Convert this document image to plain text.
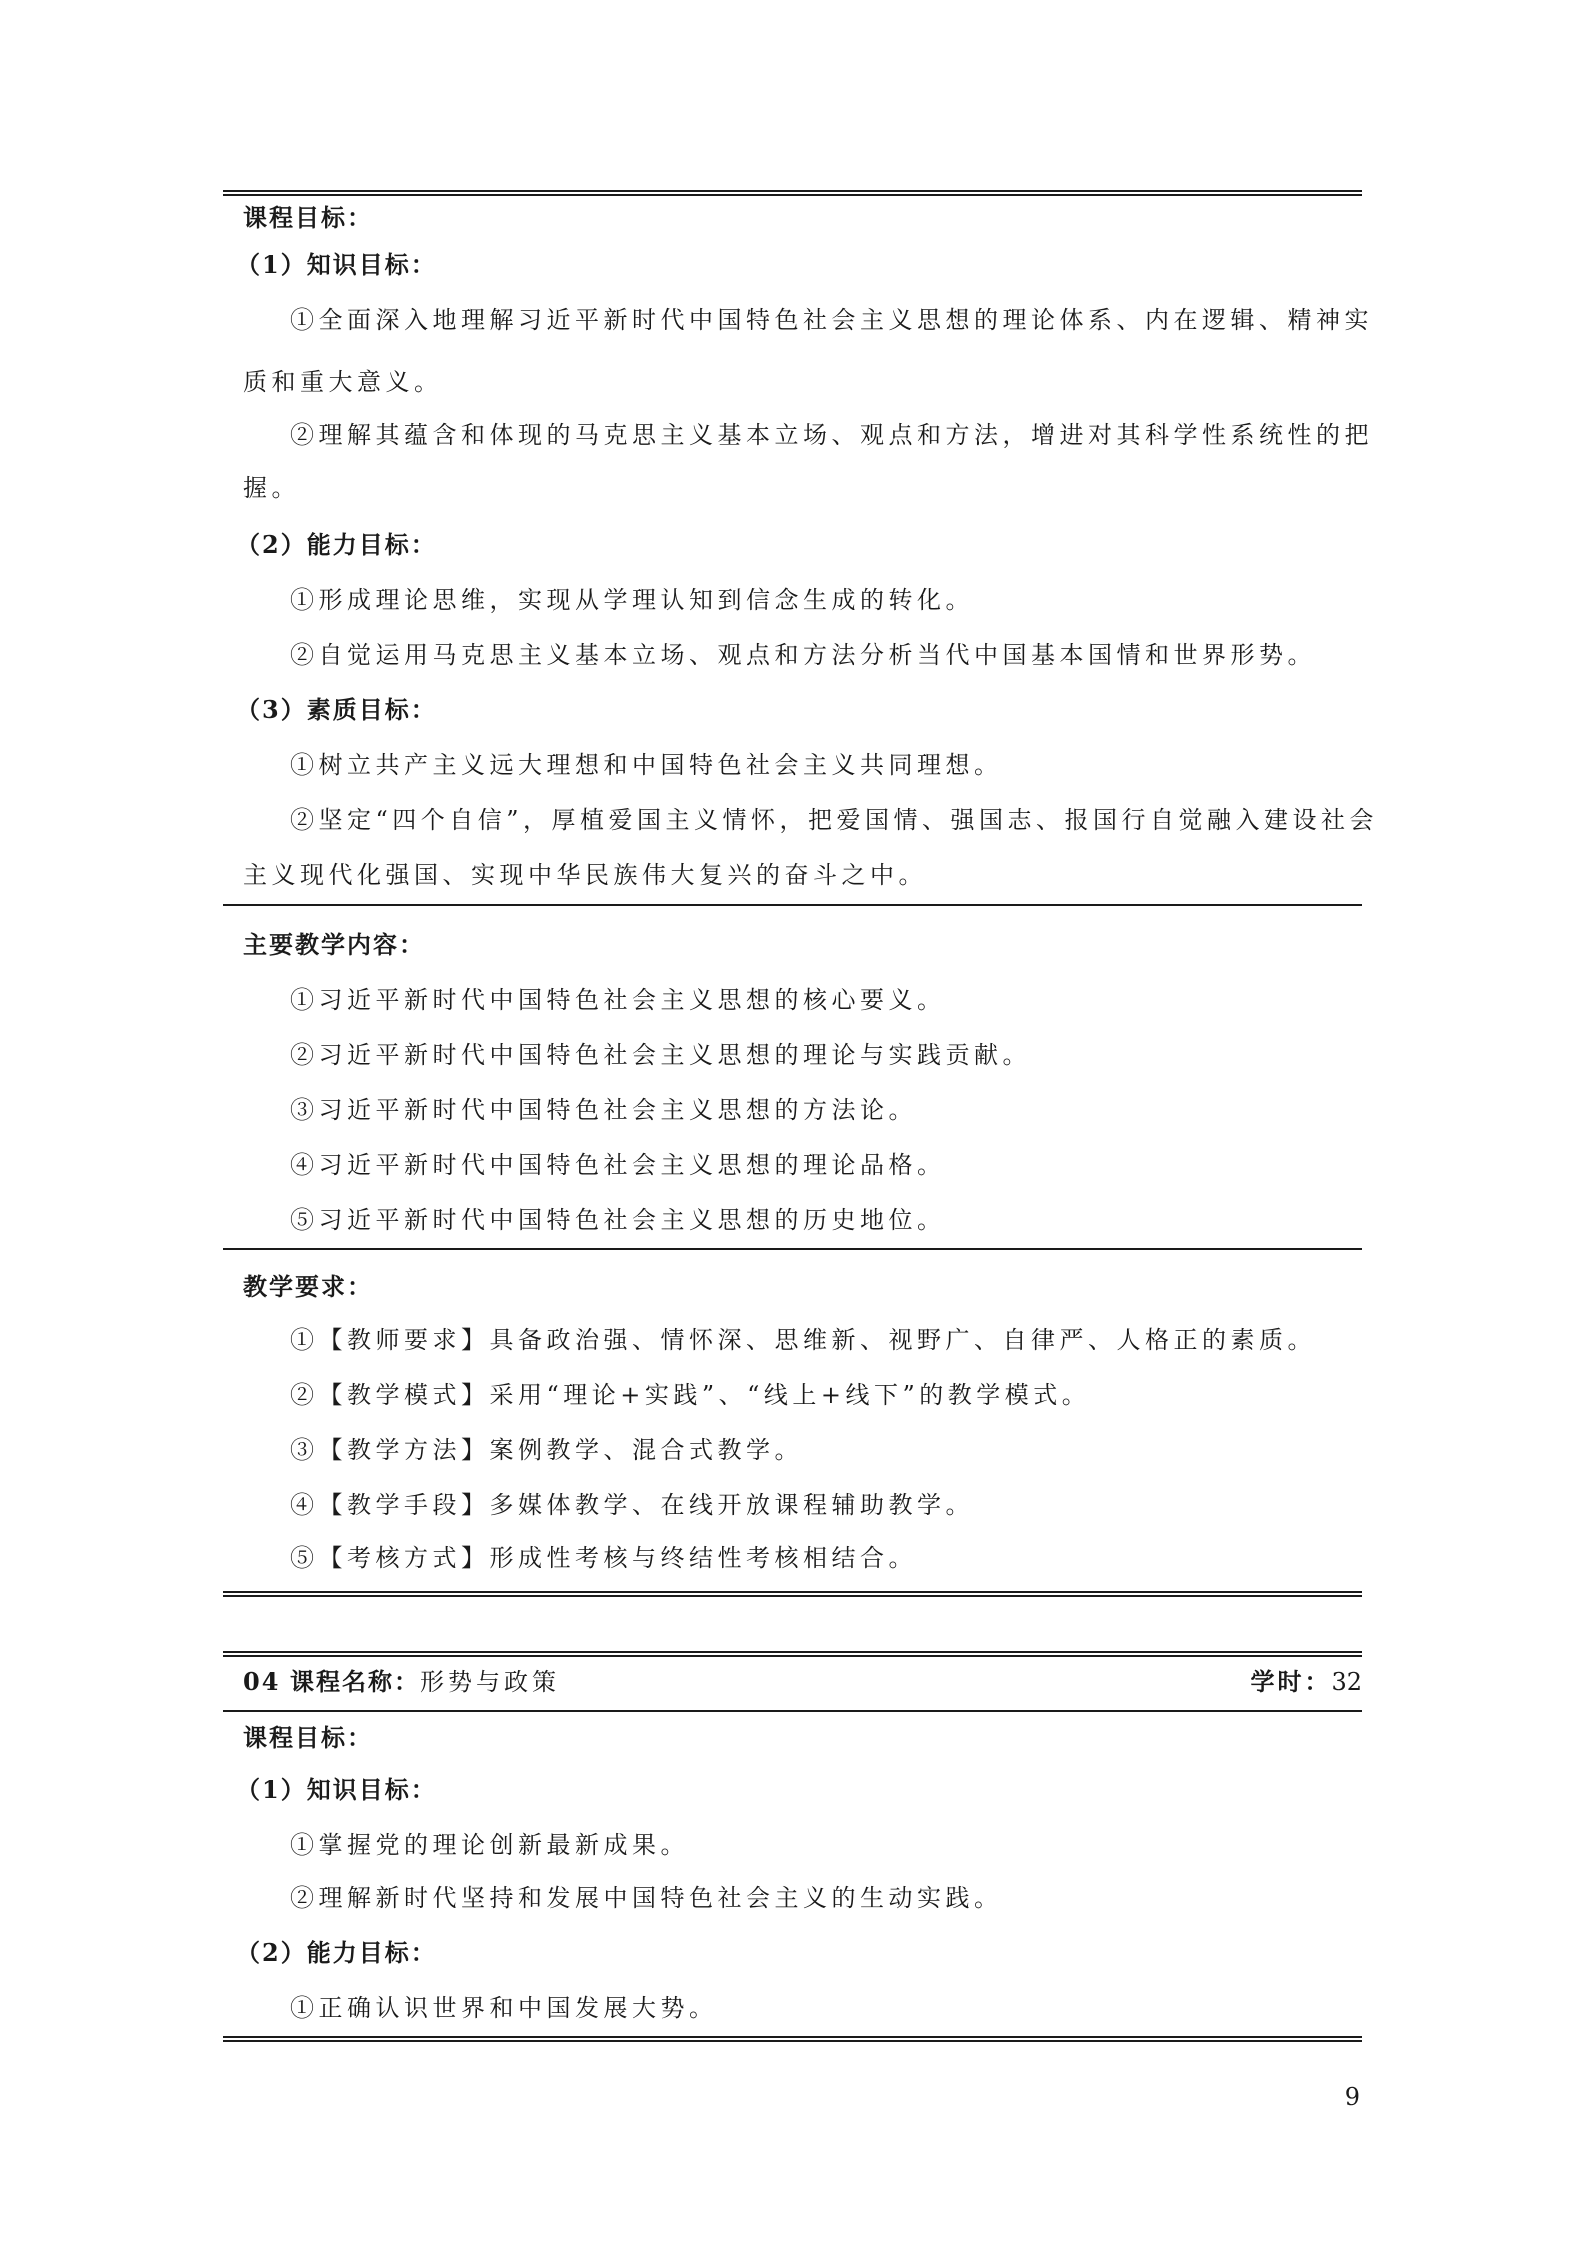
课程目标：
（1）知识目标：
①全面深入地理解习近平新时代中国特色社会主义思想的理论体系、内在逻辑、精神实
质和重大意义。
②理解其蕴含和体现的马克思主义基本立场、观点和方法，增进对其科学性系统性的把
握。
（2）能力目标：
①形成理论思维，实现从学理认知到信念生成的转化。
②自觉运用马克思主义基本立场、观点和方法分析当代中国基本国情和世界形势。
（3）素质目标：
①树立共产主义远大理想和中国特色社会主义共同理想。
②坚定“四个自信”，厚植爱国主义情怀，把爱国情、强国志、报国行自觉融入建设社会
主义现代化强国、实现中华民族伟大复兴的奋斗之中。
主要教学内容：
①习近平新时代中国特色社会主义思想的核心要义。
②习近平新时代中国特色社会主义思想的理论与实践贡献。
③习近平新时代中国特色社会主义思想的方法论。
④习近平新时代中国特色社会主义思想的理论品格。
⑤习近平新时代中国特色社会主义思想的历史地位。
教学要求：
①【教师要求】具备政治强、情怀深、思维新、视野广、自律严、人格正的素质。
②【教学模式】采用“理论+实践”、“线上+线下”的教学模式。
③【教学方法】案例教学、混合式教学。
④【教学手段】多媒体教学、在线开放课程辅助教学。
⑤【考核方式】形成性考核与终结性考核相结合。
04 课程名称：形势与政策	学时：32
课程目标：
（1）知识目标：
①掌握党的理论创新最新成果。
②理解新时代坚持和发展中国特色社会主义的生动实践。
（2）能力目标：
①正确认识世界和中国发展大势。
9
